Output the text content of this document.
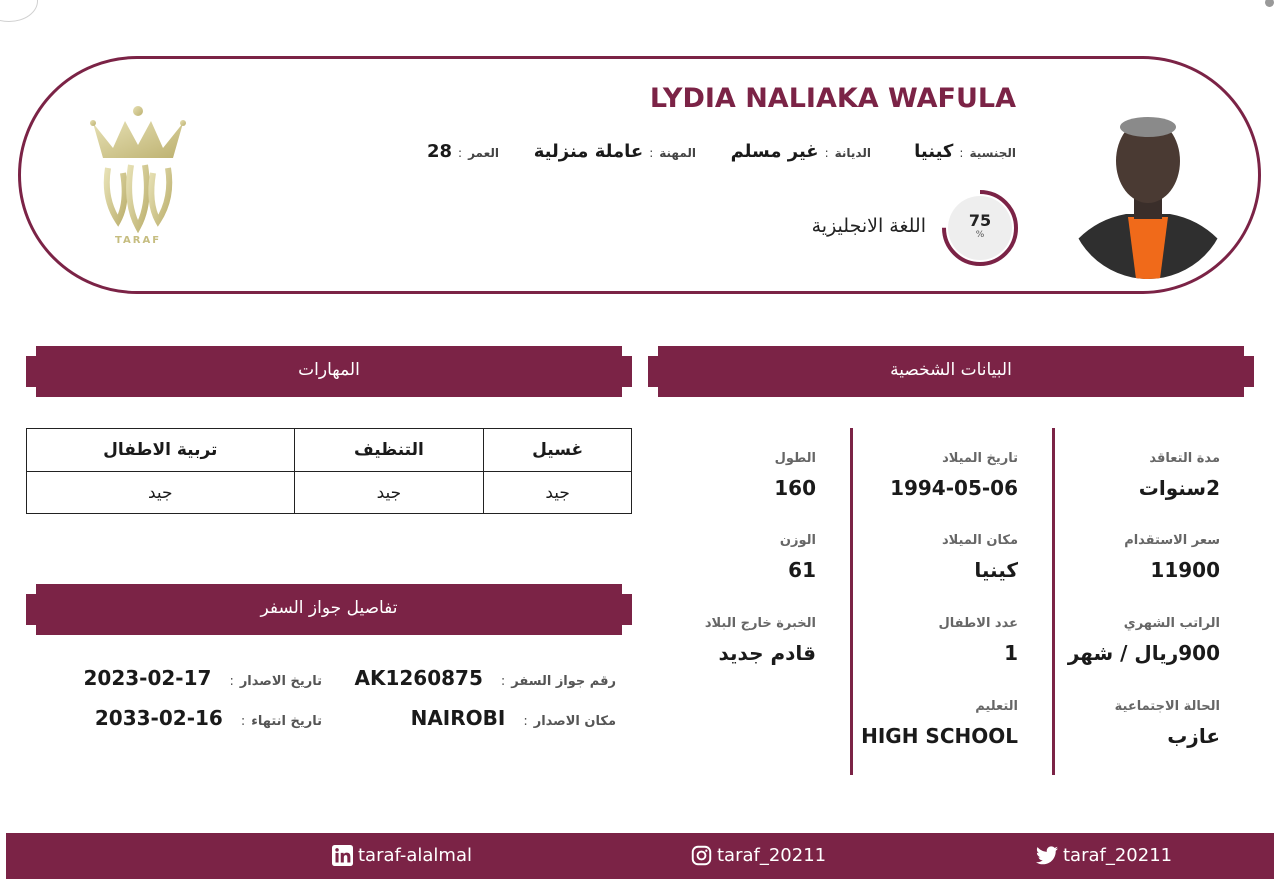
LYDIA NALIAKA WAFULA
الجنسية
:
كينيا
الديانة
:
غير مسلم
المهنة
:
عاملة منزلية
العمر
:
28
75
%
اللغة الانجليزية
TARAF
المهارات	البيانات الشخصية
غسيل	التنظيف	تربية الاطفال
جيد	جيد	جيد
تفاصيل جواز السفر
رقم جواز السفر
:
AK1260875
تاريخ الاصدار
:
2023-02-17
مكان الاصدار
:
NAIROBI
تاريخ انتهاء
:
2033-02-16
مدة التعاقد
2سنوات
سعر الاستقدام
11900
الراتب الشهري
900ريال / شهر
الحالة الاجتماعية
عازب
تاريخ الميلاد
1994-05-06
مكان الميلاد
كينيا
عدد الاطفال
1
التعليم
HIGH SCHOOL
الطول
160
الوزن
61
الخبرة خارج البلاد
قادم جديد
taraf_20211
taraf_20211
taraf-alalmal
